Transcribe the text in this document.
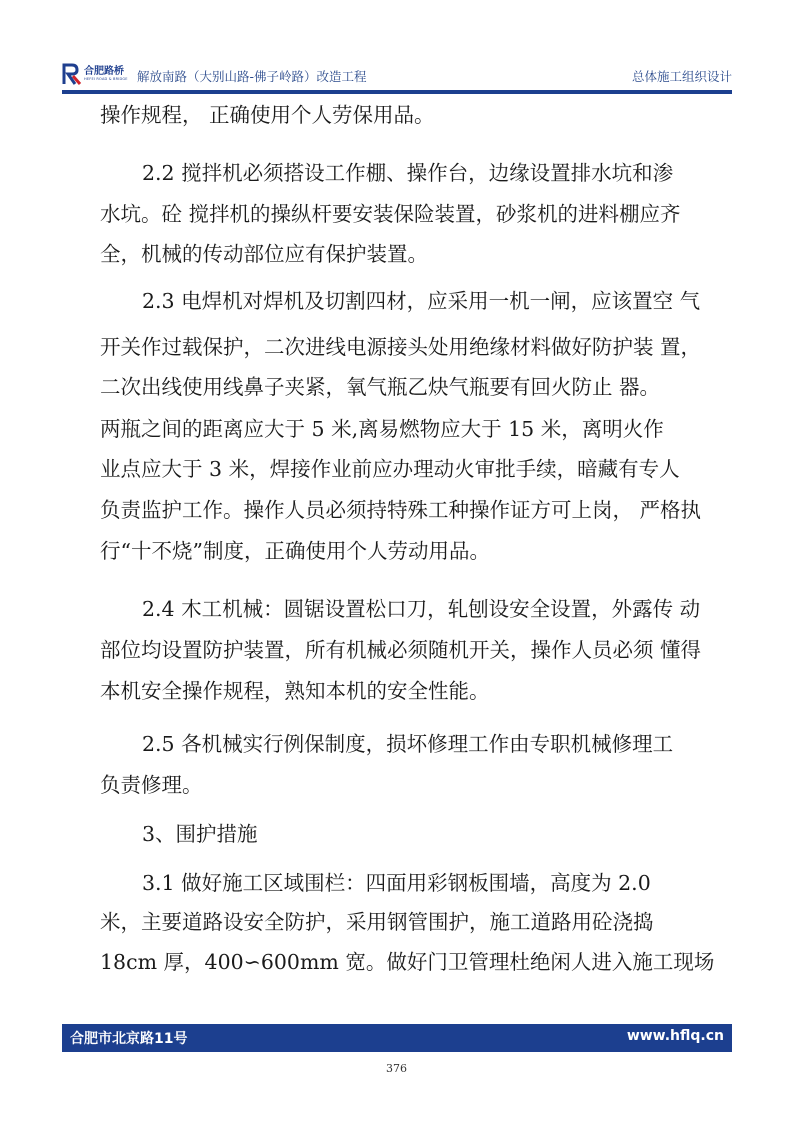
合肥路桥
HEFEI ROAD & BRIDGE 解放南路（大别山路-佛子岭路）改造工程	总体施工组织设计
操作规程， 正确使用个人劳保用品。
2.2 搅拌机必须搭设工作棚、操作台，边缘设置排水坑和渗
水坑。砼 搅拌机的操纵杆要安装保险装置，砂浆机的进料棚应齐
全，机械的传动部位应有保护装置。
2.3 电焊机对焊机及切割四材，应采用一机一闸，应该置空 气
开关作过载保护，二次进线电源接头处用绝缘材料做好防护装 置，
二次出线使用线鼻子夹紧，氧气瓶乙炔气瓶要有回火防止 器。
两瓶之间的距离应大于 5 米,离易燃物应大于 15 米，离明火作
业点应大于 3 米，焊接作业前应办理动火审批手续，暗藏有专人
负责监护工作。操作人员必须持特殊工种操作证方可上岗， 严格执
行“十不烧”制度，正确使用个人劳动用品。
2.4 木工机械：圆锯设置松口刀，轧刨设安全设置，外露传 动
部位均设置防护装置，所有机械必须随机开关，操作人员必须 懂得
本机安全操作规程，熟知本机的安全性能。
2.5 各机械实行例保制度，损坏修理工作由专职机械修理工
负责修理。
3、围护措施
3.1 做好施工区域围栏：四面用彩钢板围墙，高度为 2.0
米，主要道路设安全防护，采用钢管围护，施工道路用砼浇捣
18cm 厚，400∽600mm 宽。做好门卫管理杜绝闲人进入施工现场
合肥市北京路11号	www.hflq.cn
376
